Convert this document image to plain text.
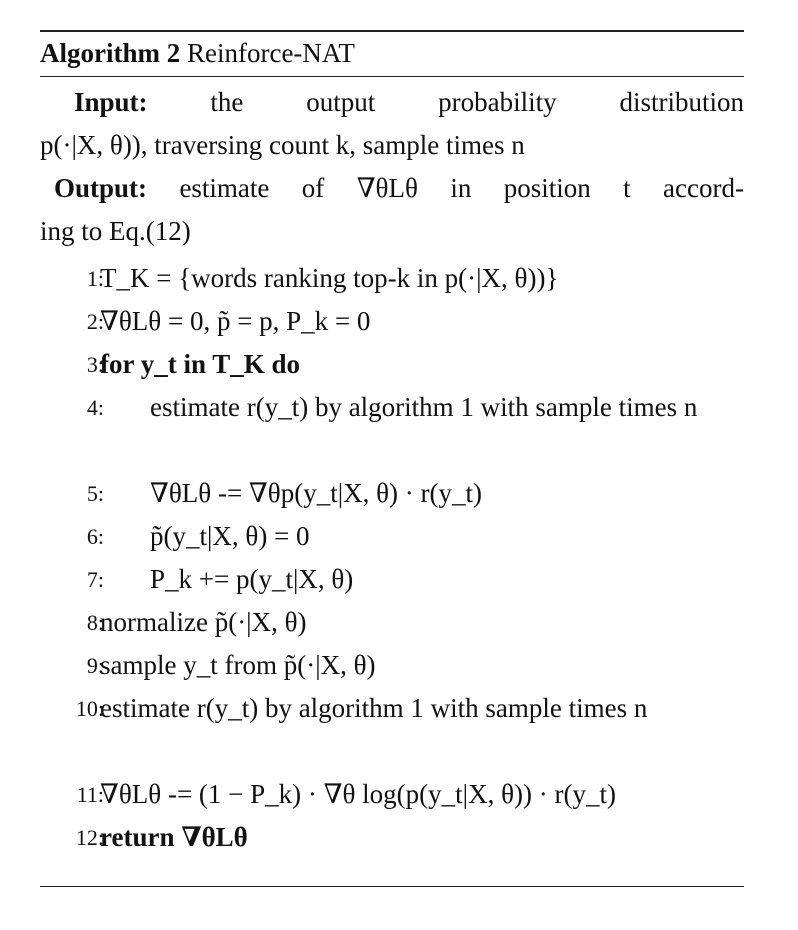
Algorithm 2 Reinforce-NAT
Input: the output probability distribution
p(·|X, θ)), traversing count k, sample times n
Output: estimate of ∇θLθ in position t accord-
ing to Eq.(12)
1:
T_K = {words ranking top-k in p(·|X, θ))}
2:
∇θLθ = 0, p̃ = p, P_k = 0
3:
for y_t in T_K do
4:	estimate r(y_t) by algorithm 1 with sample times n
5: ∇θLθ -= ∇θp(y_t|X, θ) · r(y_t)
6: p̃(y_t|X, θ) = 0
7: P_k += p(y_t|X, θ)
8:
normalize p̃(·|X, θ)
9:
sample y_t from p̃(·|X, θ)
10:
estimate r(y_t) by algorithm 1 with sample times n
11:
∇θLθ -= (1 − P_k) · ∇θ log(p(y_t|X, θ)) · r(y_t)
12:
return ∇θLθ
